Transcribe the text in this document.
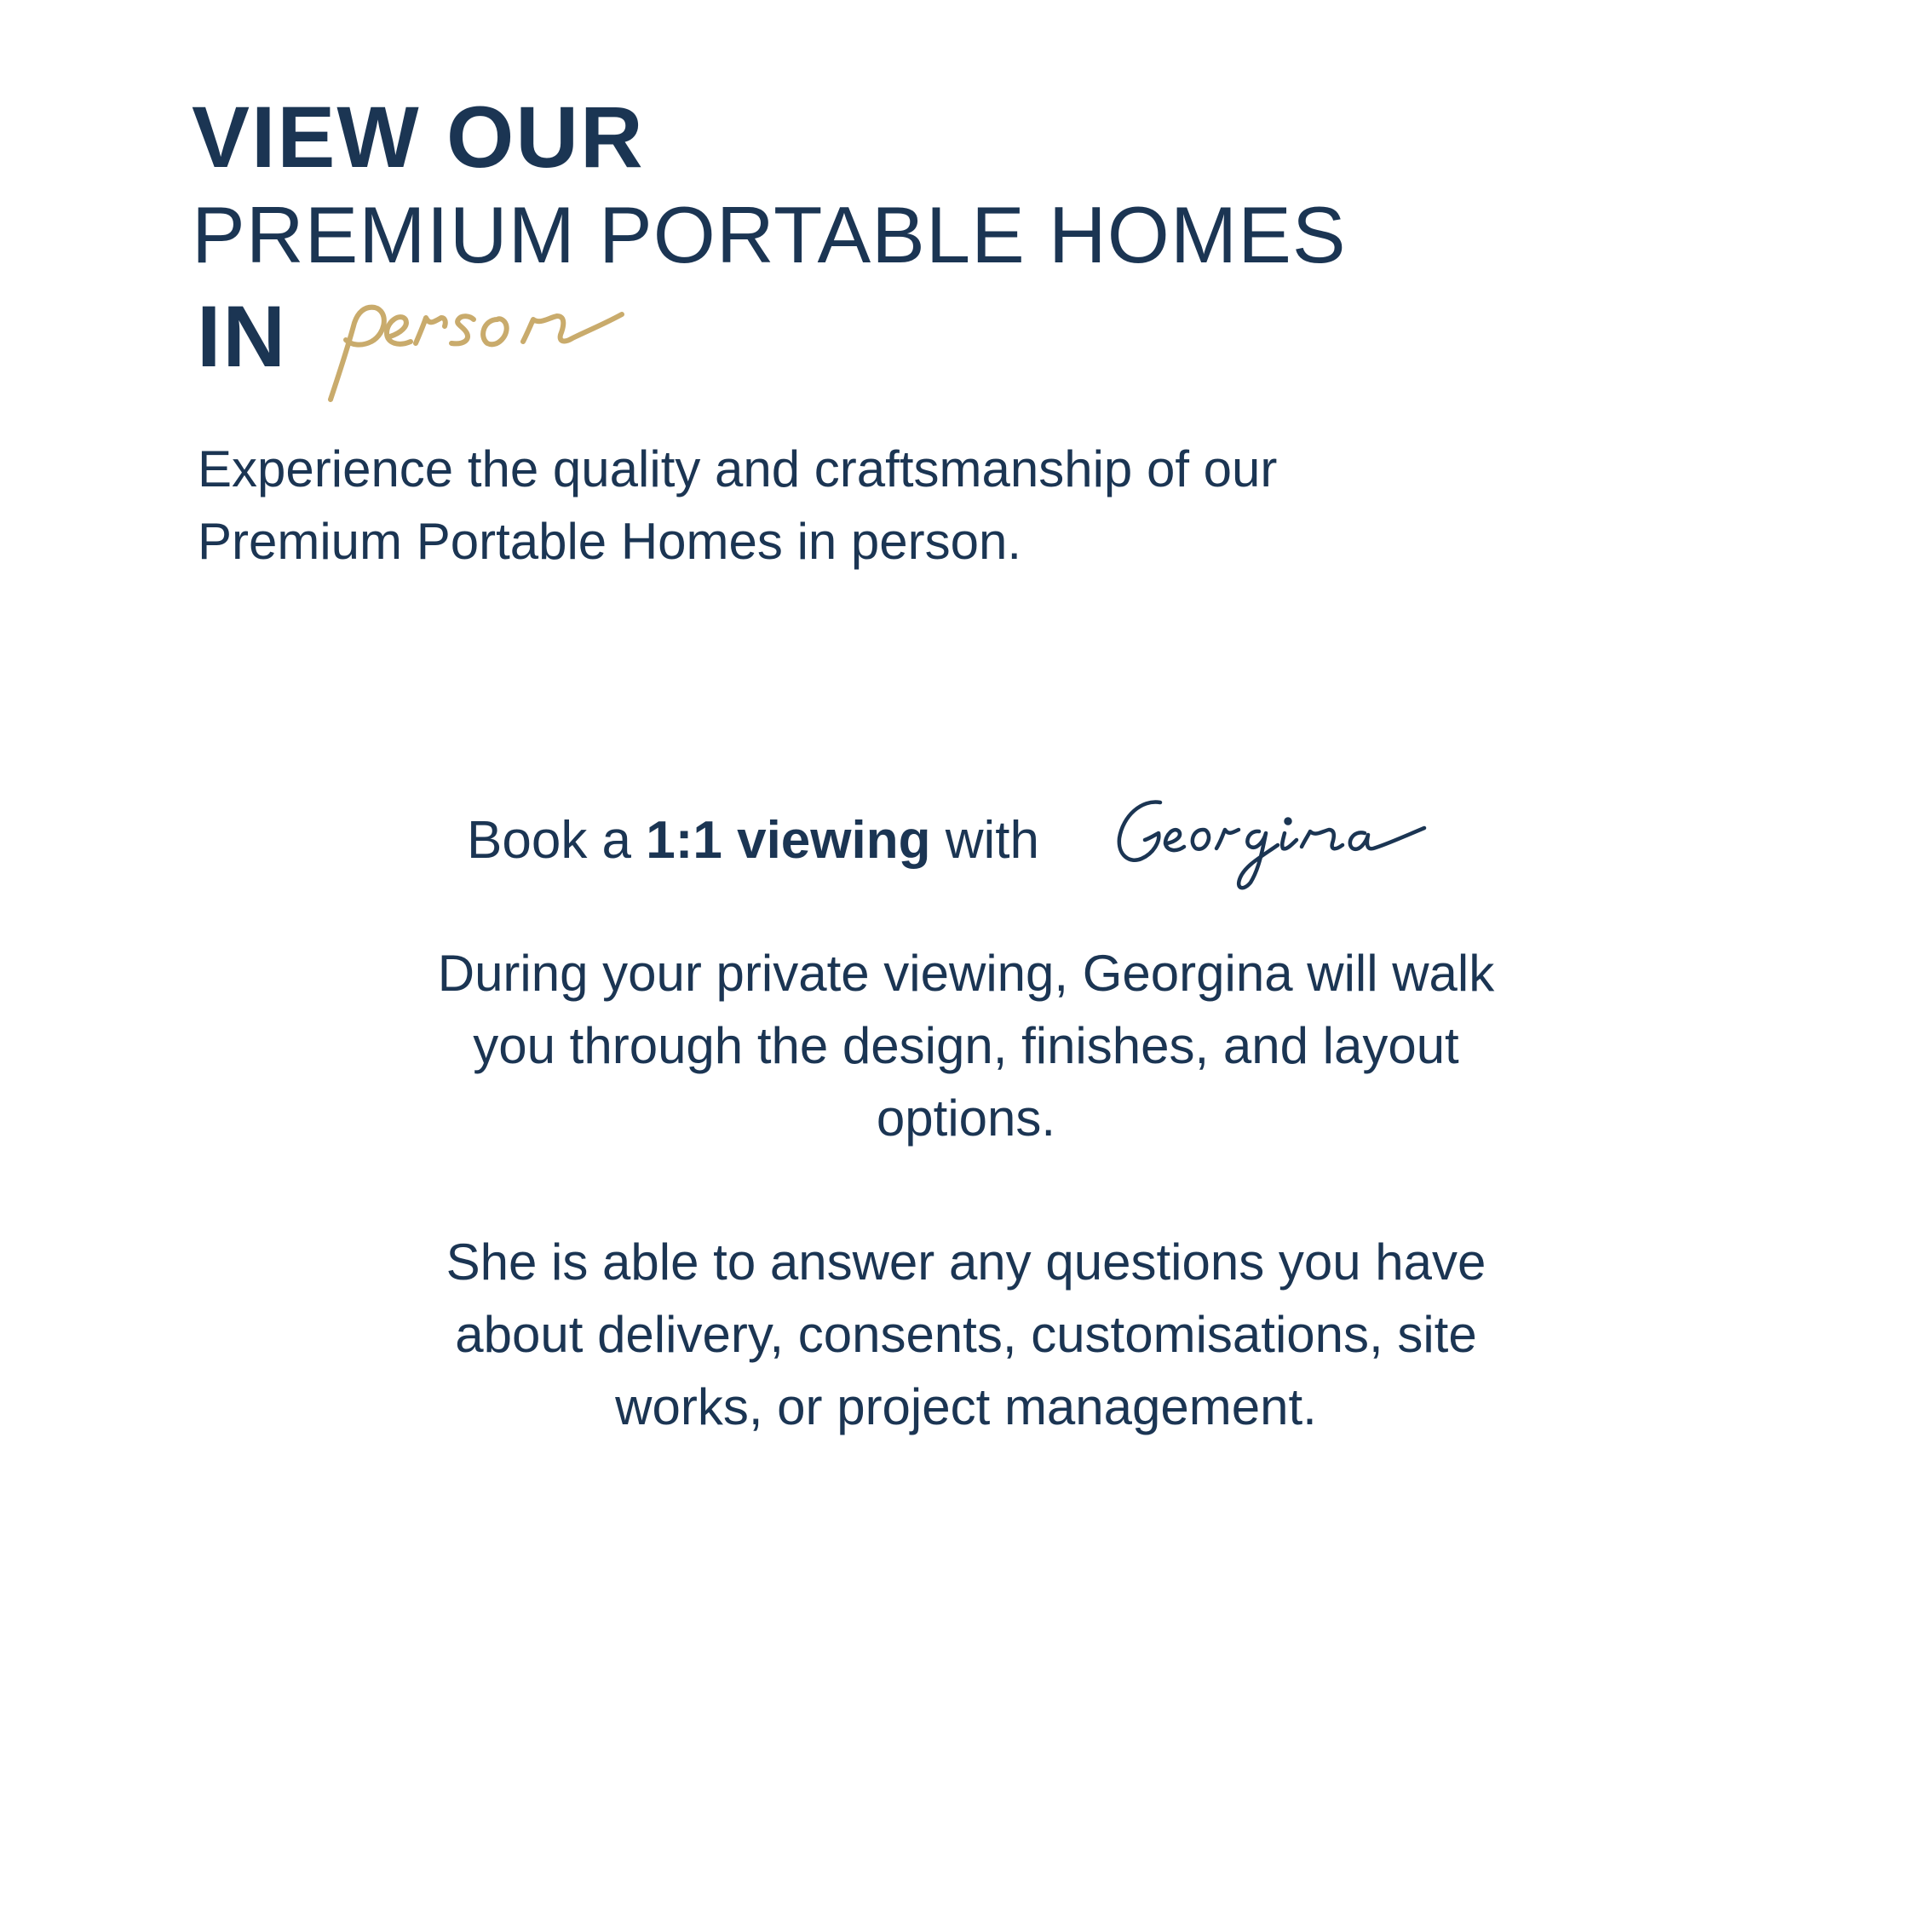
VIEW OUR
PREMIUM PORTABLE HOMES
IN
Experience the quality and craftsmanship of our
Premium Portable Homes in person.
Book a 1:1 viewing with
During your private viewing, Georgina will walk
you through the design, finishes, and layout
options.
She is able to answer any questions you have
about delivery, consents, customisations, site
works, or project management.
